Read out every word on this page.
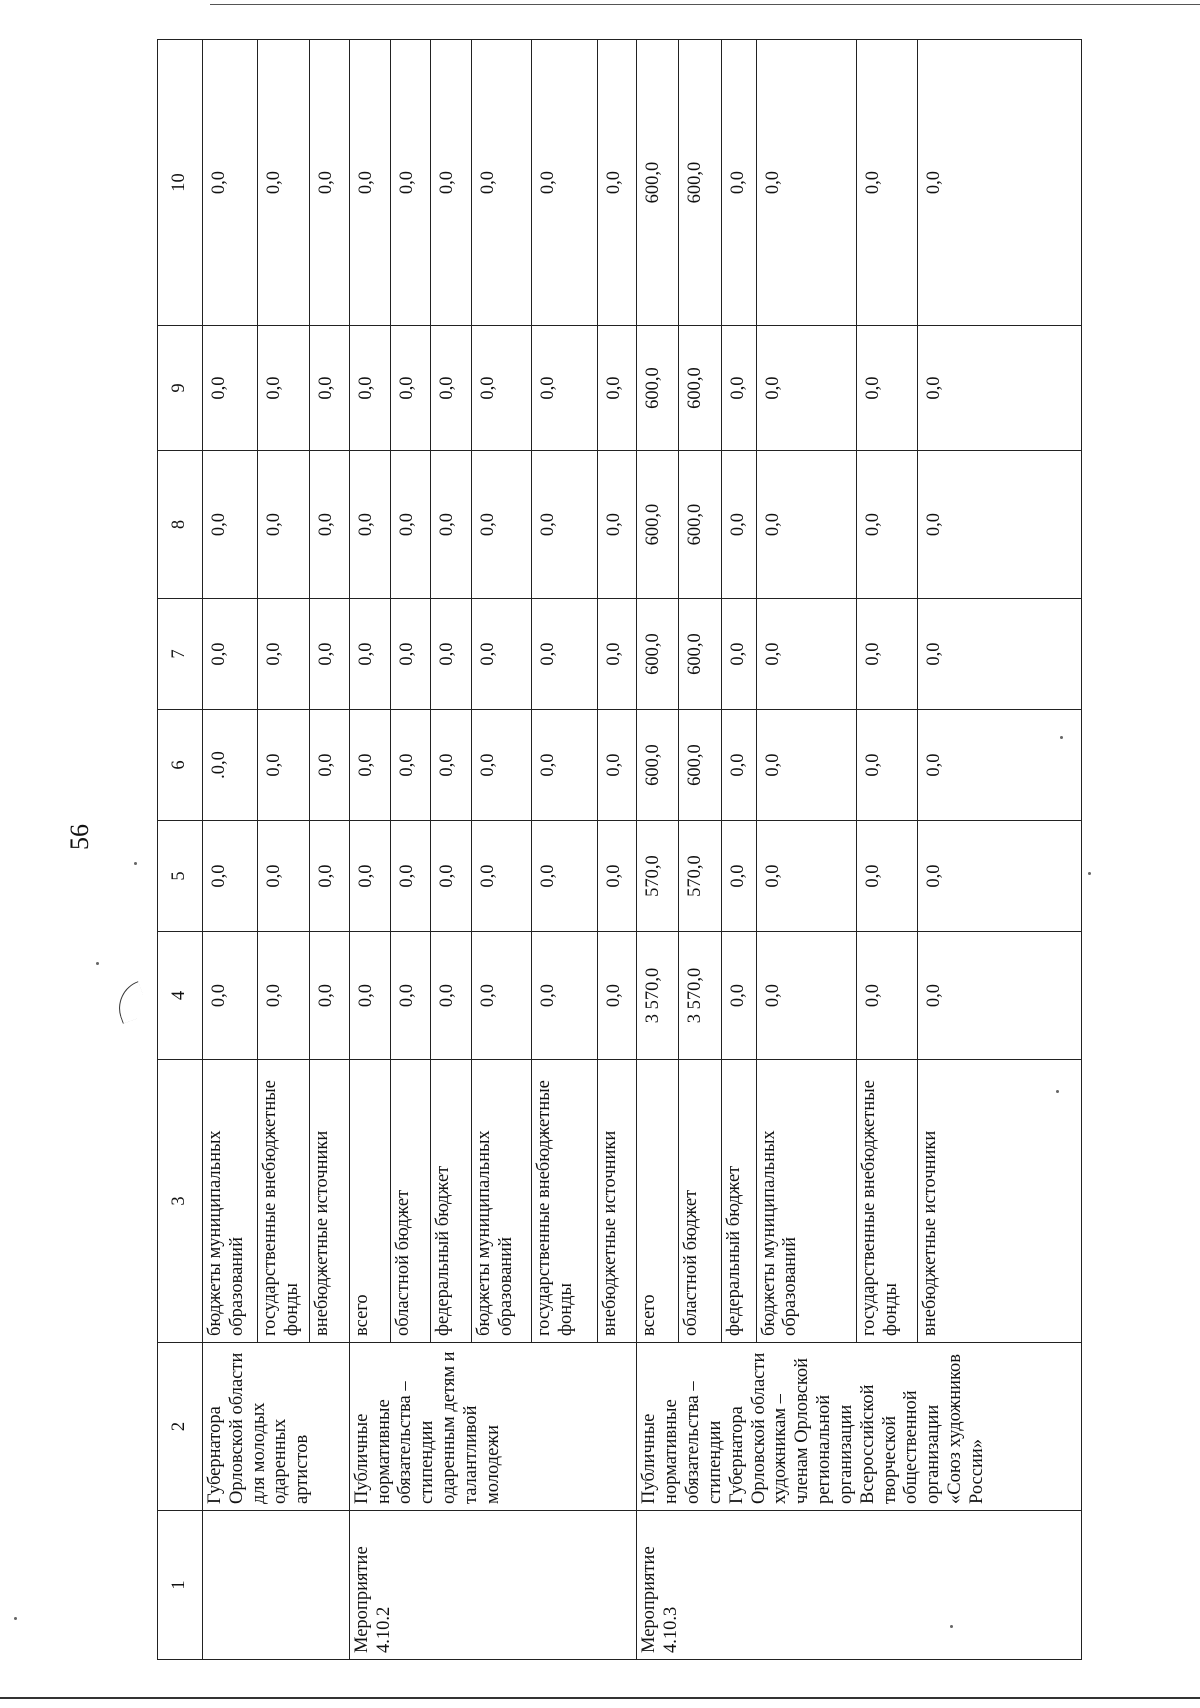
56
1	2	3	4	5	6	7	8	9	10
	Губернатора Орловской области для молодых одаренных артистов	бюджеты муниципальных образований	0,0	0,0	.0,0	0,0	0,0	0,0	0,0
		государственные внебюджетные фонды	0,0	0,0	0,0	0,0	0,0	0,0	0,0
		внебюджетные источники	0,0	0,0	0,0	0,0	0,0	0,0	0,0
Мероприятие 4.10.2	Публичные нормативные обязательства – стипендии одаренным детям и талантливой молодежи	всего	0,0	0,0	0,0	0,0	0,0	0,0	0,0
		областной бюджет	0,0	0,0	0,0	0,0	0,0	0,0	0,0
		федеральный бюджет	0,0	0,0	0,0	0,0	0,0	0,0	0,0
		бюджеты муниципальных образований	0,0	0,0	0,0	0,0	0,0	0,0	0,0
		государственные внебюджетные фонды	0,0	0,0	0,0	0,0	0,0	0,0	0,0
		внебюджетные источники	0,0	0,0	0,0	0,0	0,0	0,0	0,0
Мероприятие 4.10.3	Публичные нормативные обязательства – стипендии Губернатора Орловской области художникам – членам Орловской региональной организации Всероссийской творческой общественной организации «Союз художников России»	всего	3 570,0	570,0	600,0	600,0	600,0	600,0	600,0
		областной бюджет	3 570,0	570,0	600,0	600,0	600,0	600,0	600,0
		федеральный бюджет	0,0	0,0	0,0	0,0	0,0	0,0	0,0
		бюджеты муниципальных образований	0,0	0,0	0,0	0,0	0,0	0,0	0,0
		государственные внебюджетные фонды	0,0	0,0	0,0	0,0	0,0	0,0	0,0
		внебюджетные источники	0,0	0,0	0,0	0,0	0,0	0,0	0,0
